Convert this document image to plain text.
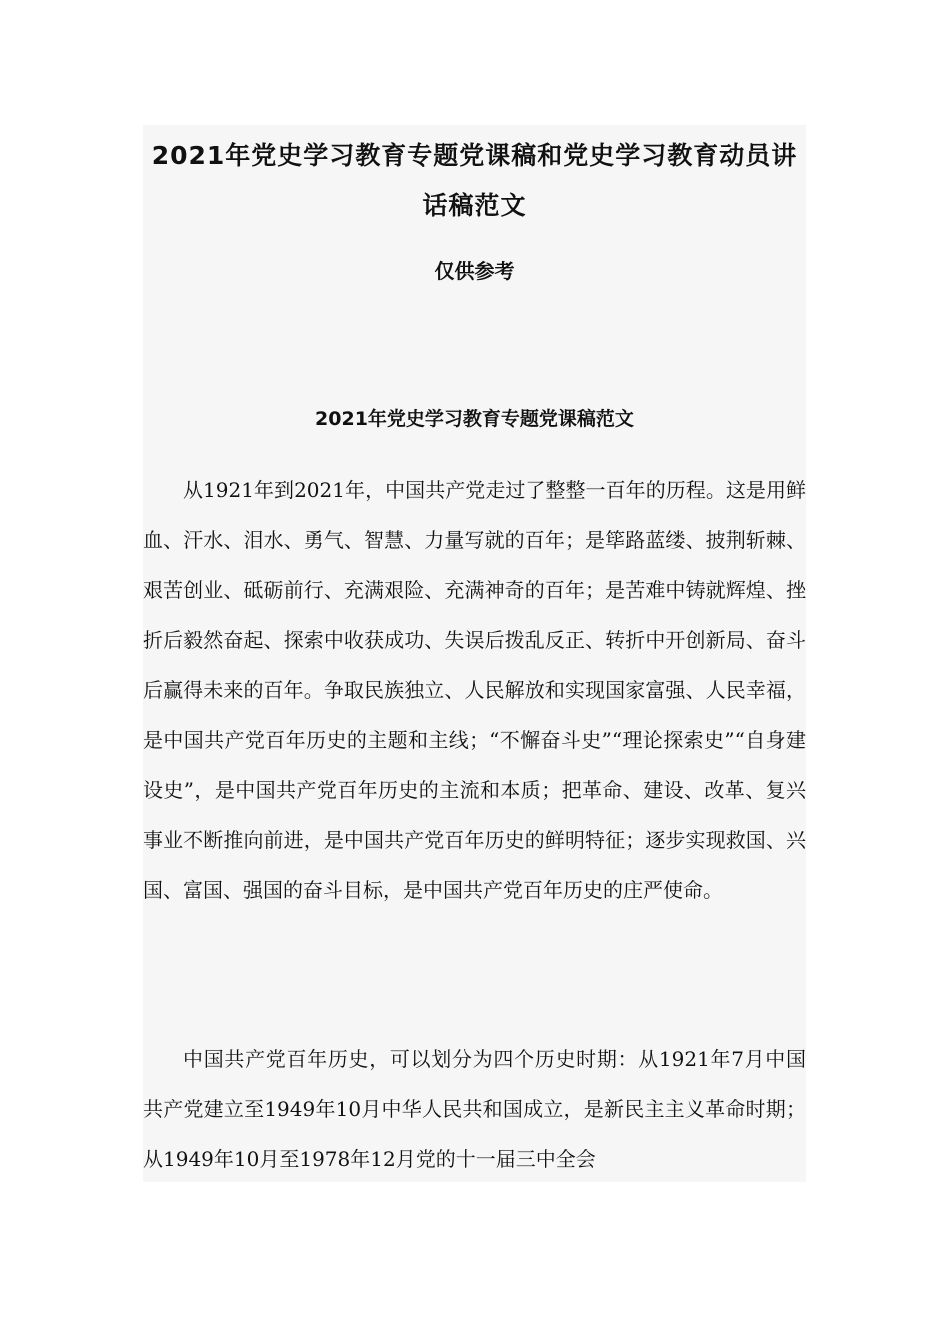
2021年党史学习教育专题党课稿和党史学习教育动员讲话稿范文
仅供参考
2021年党史学习教育专题党课稿范文

从1921年到2021年，中国共产党走过了整整一百年的历程。这是用鲜血、汗水、泪水、勇气、智慧、力量写就的百年；是筚路蓝缕、披荆斩棘、艰苦创业、砥砺前行、充满艰险、充满神奇的百年；是苦难中铸就辉煌、挫折后毅然奋起、探索中收获成功、失误后拨乱反正、转折中开创新局、奋斗后赢得未来的百年。争取民族独立、人民解放和实现国家富强、人民幸福，是中国共产党百年历史的主题和主线；“不懈奋斗史”“理论探索史”“自身建设史”，是中国共产党百年历史的主流和本质；把革命、建设、改革、复兴事业不断推向前进，是中国共产党百年历史的鲜明特征；逐步实现救国、兴国、富国、强国的奋斗目标，是中国共产党百年历史的庄严使命。

中国共产党百年历史，可以划分为四个历史时期：从1921年7月中国共产党建立至1949年10月中华人民共和国成立，是新民主主义革命时期；从1949年10月至1978年12月党的十一届三中全会
